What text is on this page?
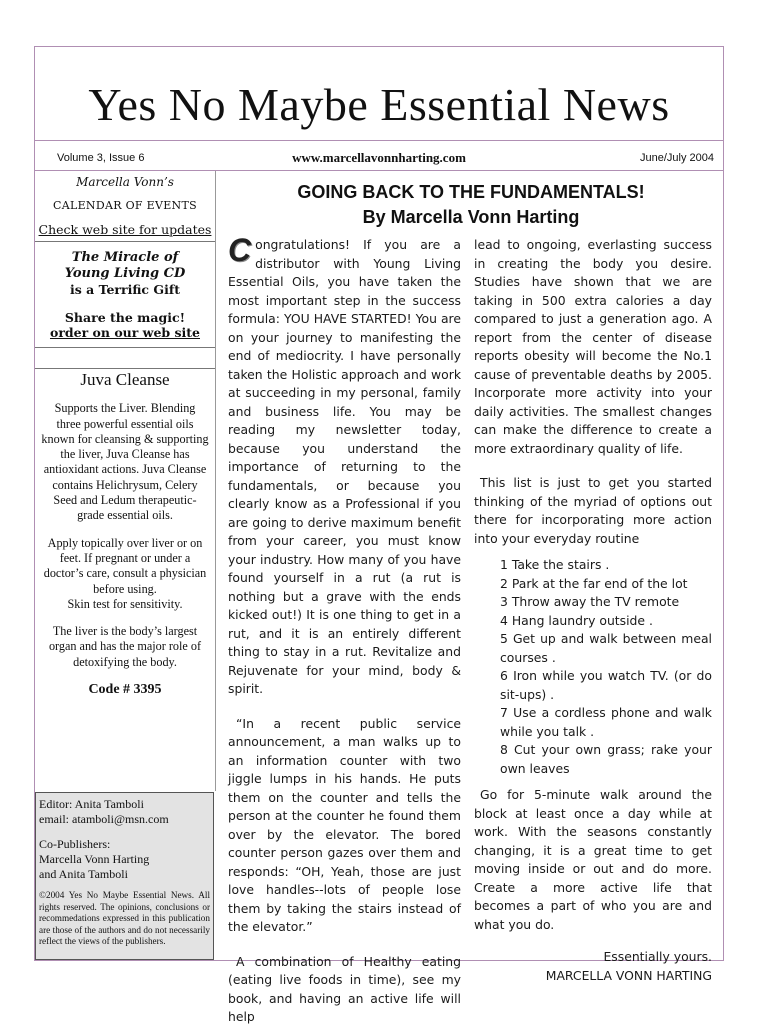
Yes No Maybe Essential News
Volume 3, Issue 6	www.marcellavonnharting.com	June/July 2004

Marcella Vonn’s

CALENDAR OF EVENTS

Check web site for updates

The Miracle of

Young Living CD

is a Terrific Gift

Share the magic!

order on our web site

Juva Cleanse

Supports the Liver. Blending three powerful essential oils known for cleansing & supporting the liver, Juva Cleanse has antioxidant actions. Juva Cleanse contains Helichrysum, Celery Seed and Ledum therapeutic-grade essential oils.

Apply topically over liver or on feet. If pregnant or under a doctor’s care, consult a physician before using.

Skin test for sensitivity.

The liver is the body’s largest organ and has the major role of detoxifying the body.

Code # 3395

Editor: Anita Tamboli

email: atamboli@msn.com

Co-Publishers:

Marcella Vonn Harting

and Anita Tamboli

©2004 Yes No Maybe Essential News. All rights reserved. The opinions, conclusions or recommedations expressed in this publication are those of the authors and do not necessarily reflect the views of the publishers.

GOING BACK TO THE FUNDAMENTALS!
By Marcella Vonn Harting

Congratulations! If you are a distributor with Young Living Essential Oils, you have taken the most important step in the success formula: YOU HAVE STARTED! You are on your journey to manifesting the end of mediocrity. I have personally taken the Holistic approach and work at succeeding in my personal, family and business life. You may be reading my newsletter today, because you understand the importance of returning to the fundamentals, or because you clearly know as a Professional if you are going to derive maximum benefit from your career, you must know your industry. How many of you have found yourself in a rut (a rut is nothing but a grave with the ends kicked out!) It is one thing to get in a rut, and it is an entirely different thing to stay in a rut. Revitalize and Rejuvenate for your mind, body & spirit.

“In a recent public service announcement, a man walks up to an information counter with two jiggle lumps in his hands. He puts them on the counter and tells the person at the counter he found them over by the elevator. The bored counter person gazes over them and responds: “OH, Yeah, those are just love handles--lots of people lose them by taking the stairs instead of the elevator.”

A combination of Healthy eating (eating live foods in time), see my book, and having an active life will help

lead to ongoing, everlasting success in creating the body you desire. Studies have shown that we are taking in 500 extra calories a day compared to just a generation ago. A report from the center of disease reports obesity will become the No.1 cause of preventable deaths by 2005. Incorporate more activity into your daily activities. The smallest changes can make the difference to create a more extraordinary quality of life.

This list is just to get you started thinking of the myriad of options out there for incorporating more action into your everyday routine

1 Take the stairs .
2 Park at the far end of the lot
3 Throw away the TV remote
4 Hang laundry outside .
5 Get up and walk between meal courses .
6 Iron while you watch TV. (or do sit-ups) .
7 Use a cordless phone and walk while you talk .
8 Cut your own grass; rake your own leaves

Go for 5-minute walk around the block at least once a day while at work. With the seasons constantly changing, it is a great time to get moving inside or out and do more. Create a more active life that becomes a part of who you are and what you do.

Essentially yours.

MARCELLA VONN HARTING
